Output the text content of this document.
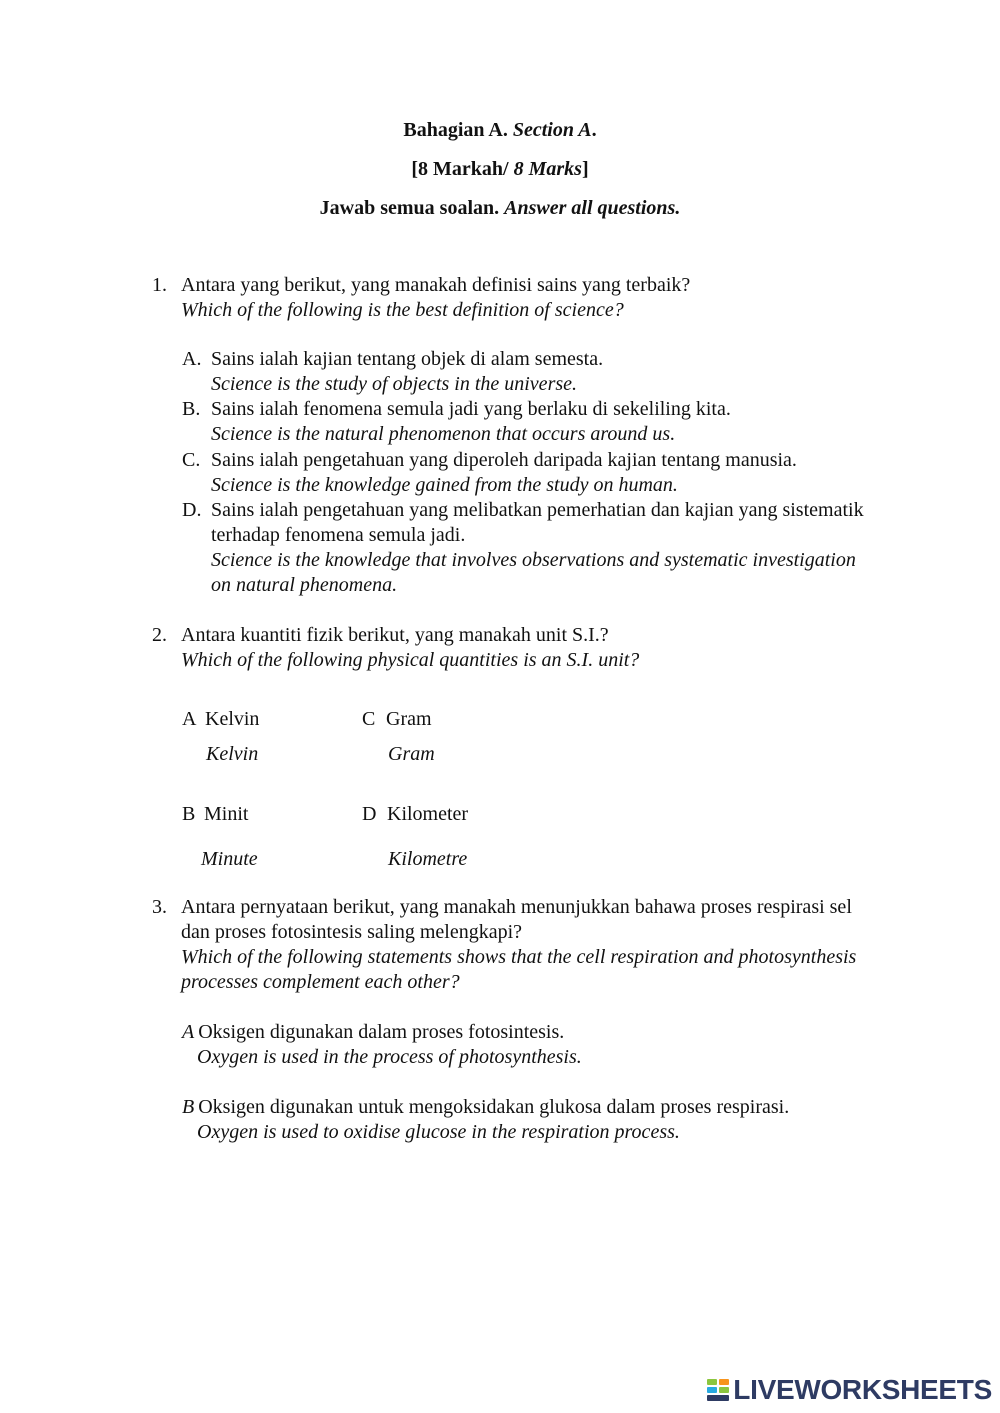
Bahagian A. Section A.
[8 Markah/ 8 Marks]
Jawab semua soalan. Answer all questions.
1. Antara yang berikut, yang manakah definisi sains yang terbaik?
Which of the following is the best definition of science?
A. Sains ialah kajian tentang objek di alam semesta.
Science is the study of objects in the universe.
B. Sains ialah fenomena semula jadi yang berlaku di sekeliling kita.
Science is the natural phenomenon that occurs around us.
C. Sains ialah pengetahuan yang diperoleh daripada kajian tentang manusia.
Science is the knowledge gained from the study on human.
D. Sains ialah pengetahuan yang melibatkan pemerhatian dan kajian yang sistematik
terhadap fenomena semula jadi.
Science is the knowledge that involves observations and systematic investigation
on natural phenomena.
2. Antara kuantiti fizik berikut, yang manakah unit S.I.?
Which of the following physical quantities is an S.I. unit?
A Kelvin
Kelvin
C Gram
Gram
B Minit
Minute
D Kilometer
Kilometre
3. Antara pernyataan berikut, yang manakah menunjukkan bahawa proses respirasi sel
dan proses fotosintesis saling melengkapi?
Which of the following statements shows that the cell respiration and photosynthesis
processes complement each other?
A Oksigen digunakan dalam proses fotosintesis.
Oxygen is used in the process of photosynthesis.
B Oksigen digunakan untuk mengoksidakan glukosa dalam proses respirasi.
Oxygen is used to oxidise glucose in the respiration process.
LIVEWORKSHEETS
